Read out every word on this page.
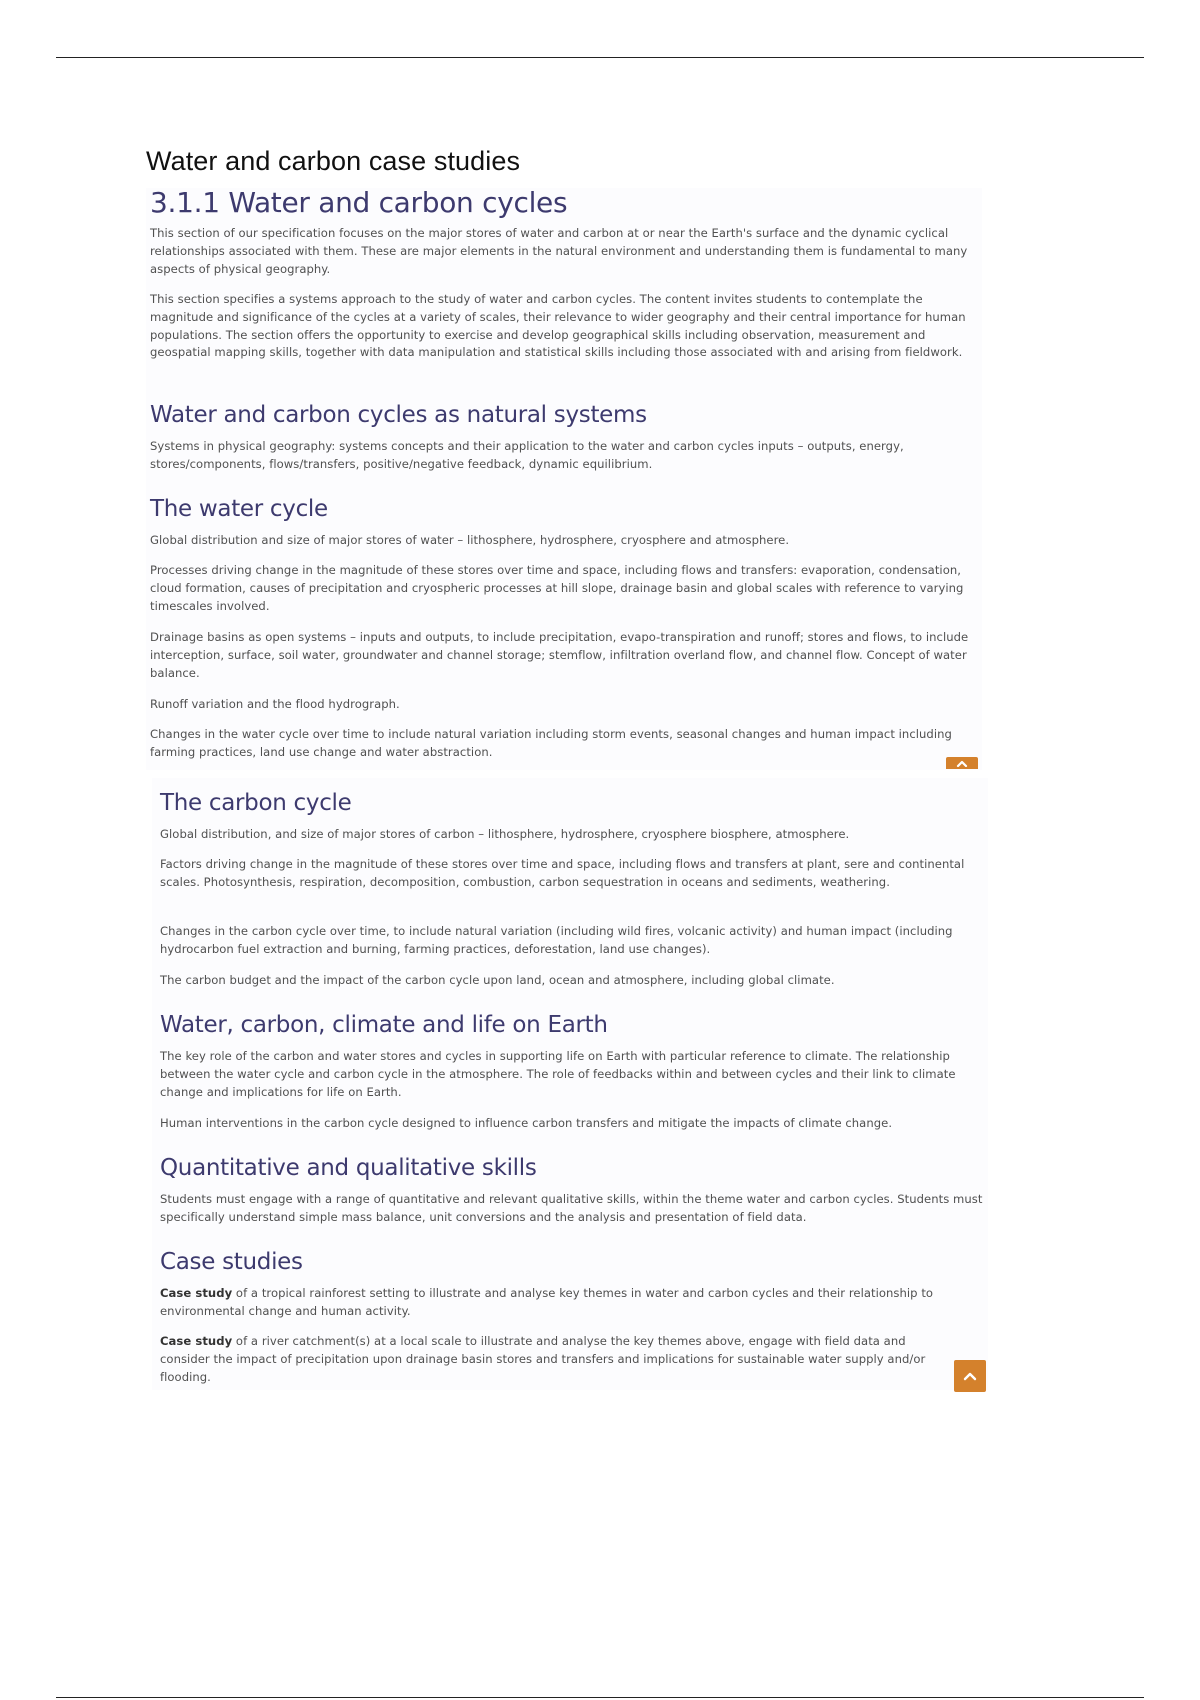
Water and carbon case studies
3.1.1 Water and carbon cycles

This section of our specification focuses on the major stores of water and carbon at or near the Earth's surface and the dynamic cyclical relationships associated with them. These are major elements in the natural environment and understanding them is fundamental to many aspects of physical geography.

This section specifies a systems approach to the study of water and carbon cycles. The content invites students to contemplate the magnitude and significance of the cycles at a variety of scales, their relevance to wider geography and their central importance for human populations. The section offers the opportunity to exercise and develop geographical skills including observation, measurement and geospatial mapping skills, together with data manipulation and statistical skills including those associated with and arising from fieldwork.

Water and carbon cycles as natural systems

Systems in physical geography: systems concepts and their application to the water and carbon cycles inputs – outputs, energy, stores/components, flows/transfers, positive/negative feedback, dynamic equilibrium.

The water cycle

Global distribution and size of major stores of water – lithosphere, hydrosphere, cryosphere and atmosphere.

Processes driving change in the magnitude of these stores over time and space, including flows and transfers: evaporation, condensation, cloud formation, causes of precipitation and cryospheric processes at hill slope, drainage basin and global scales with reference to varying timescales involved.

Drainage basins as open systems – inputs and outputs, to include precipitation, evapo-transpiration and runoff; stores and flows, to include interception, surface, soil water, groundwater and channel storage; stemflow, infiltration overland flow, and channel flow. Concept of water balance.

Runoff variation and the flood hydrograph.

Changes in the water cycle over time to include natural variation including storm events, seasonal changes and human impact including farming practices, land use change and water abstraction.

The carbon cycle

Global distribution, and size of major stores of carbon – lithosphere, hydrosphere, cryosphere biosphere, atmosphere.

Factors driving change in the magnitude of these stores over time and space, including flows and transfers at plant, sere and continental scales. Photosynthesis, respiration, decomposition, combustion, carbon sequestration in oceans and sediments, weathering.

Changes in the carbon cycle over time, to include natural variation (including wild fires, volcanic activity) and human impact (including hydrocarbon fuel extraction and burning, farming practices, deforestation, land use changes).

The carbon budget and the impact of the carbon cycle upon land, ocean and atmosphere, including global climate.

Water, carbon, climate and life on Earth

The key role of the carbon and water stores and cycles in supporting life on Earth with particular reference to climate. The relationship between the water cycle and carbon cycle in the atmosphere. The role of feedbacks within and between cycles and their link to climate change and implications for life on Earth.

Human interventions in the carbon cycle designed to influence carbon transfers and mitigate the impacts of climate change.

Quantitative and qualitative skills

Students must engage with a range of quantitative and relevant qualitative skills, within the theme water and carbon cycles. Students must specifically understand simple mass balance, unit conversions and the analysis and presentation of field data.

Case studies

Case study of a tropical rainforest setting to illustrate and analyse key themes in water and carbon cycles and their relationship to environmental change and human activity.

Case study of a river catchment(s) at a local scale to illustrate and analyse the key themes above, engage with field data and consider the impact of precipitation upon drainage basin stores and transfers and implications for sustainable water supply and/or flooding.
